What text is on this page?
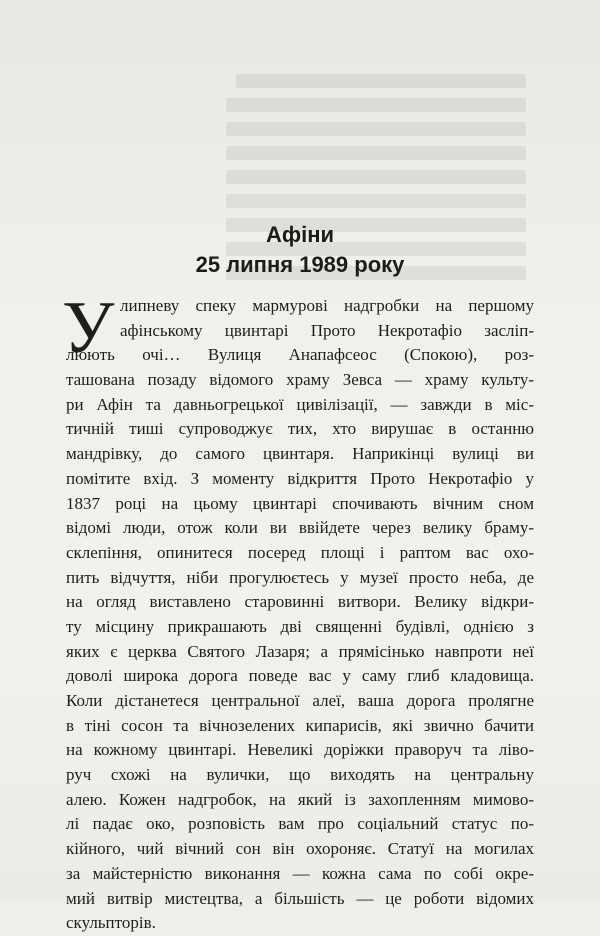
Афіни
25 липня 1989 року
У липневу спеку мармурові надгробки на першому
афінському цвинтарі Прото Некротафіо засліп-
люють очі… Вулиця Анапафсеос (Спокою), роз-
ташована позаду відомого храму Зевса — храму культу-
ри Афін та давньогрецької цивілізації, — завжди в міс-
тичній тиші супроводжує тих, хто вирушає в останню
мандрівку, до самого цвинтаря. Наприкінці вулиці ви
помітите вхід. З моменту відкриття Прото Некротафіо у
1837 році на цьому цвинтарі спочивають вічним сном
відомі люди, отож коли ви ввійдете через велику браму-
склепіння, опинитеся посеред площі і раптом вас охо-
пить відчуття, ніби прогулюєтесь у музеї просто неба, де
на огляд виставлено старовинні витвори. Велику відкри-
ту місцину прикрашають дві священні будівлі, однією з
яких є церква Святого Лазаря; а прямісінько навпроти неї
доволі широка дорога поведе вас у саму глиб кладовища.
Коли дістанетеся центральної алеї, ваша дорога пролягне
в тіні сосон та вічнозелених кипарисів, які звично бачити
на кожному цвинтарі. Невеликі доріжки праворуч та ліво-
руч схожі на вулички, що виходять на центральну
алею. Кожен надгробок, на який із захопленням мимово-
лі падає око, розповість вам про соціальний статус по-
кійного, чий вічний сон він охороняє. Статуї на могилах
за майстерністю виконання — кожна сама по собі окре-
мий витвір мистецтва, а більшість — це роботи відомих
скульпторів.
